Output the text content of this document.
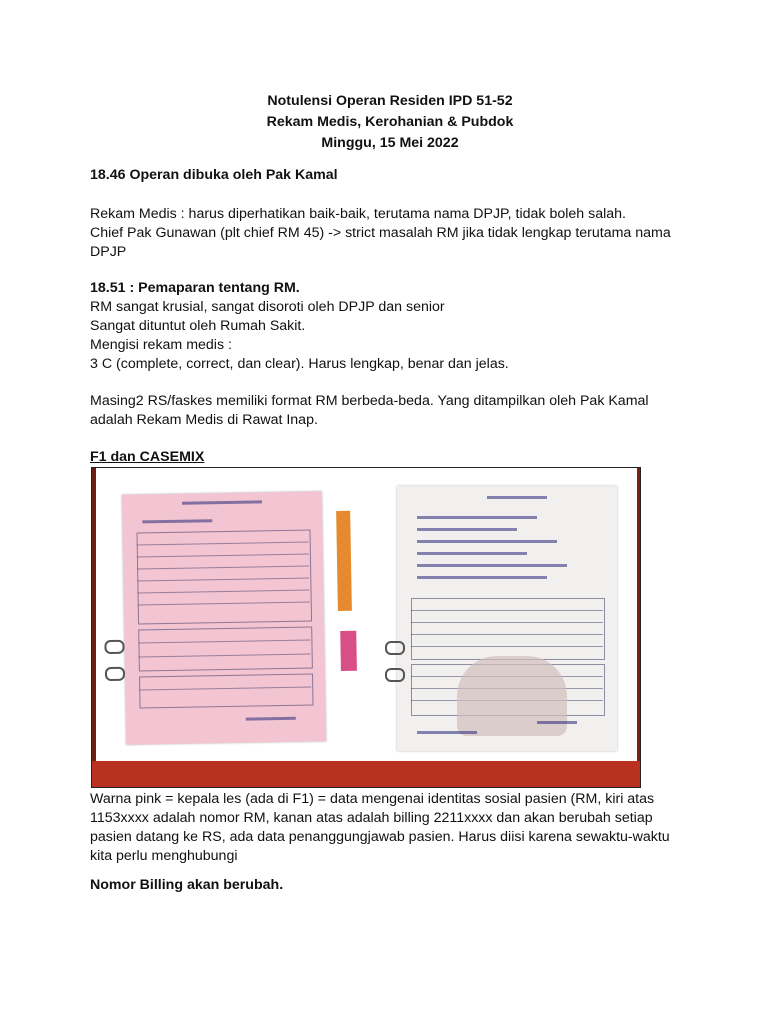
Notulensi Operan Residen IPD 51-52
Rekam Medis, Kerohanian & Pubdok
Minggu, 15 Mei 2022
18.46 Operan dibuka oleh Pak Kamal
Rekam Medis : harus diperhatikan baik-baik, terutama nama DPJP, tidak boleh salah.
Chief Pak Gunawan (plt chief RM 45) -> strict masalah RM jika tidak lengkap terutama nama
DPJP
18.51 : Pemaparan tentang RM.
RM sangat krusial, sangat disoroti oleh DPJP dan senior
Sangat dituntut oleh Rumah Sakit.
Mengisi rekam medis :
3 C (complete, correct, dan clear). Harus lengkap, benar dan jelas.
Masing2 RS/faskes memiliki format RM berbeda-beda. Yang ditampilkan oleh Pak Kamal
adalah Rekam Medis di Rawat Inap.
F1 dan CASEMIX
Warna pink = kepala les (ada di F1) = data mengenai identitas sosial pasien (RM, kiri atas
1153xxxx adalah nomor RM, kanan atas adalah billing 2211xxxx dan akan berubah setiap
pasien datang ke RS, ada data penanggungjawab pasien. Harus diisi karena sewaktu-waktu
kita perlu menghubungi
Nomor Billing akan berubah.
